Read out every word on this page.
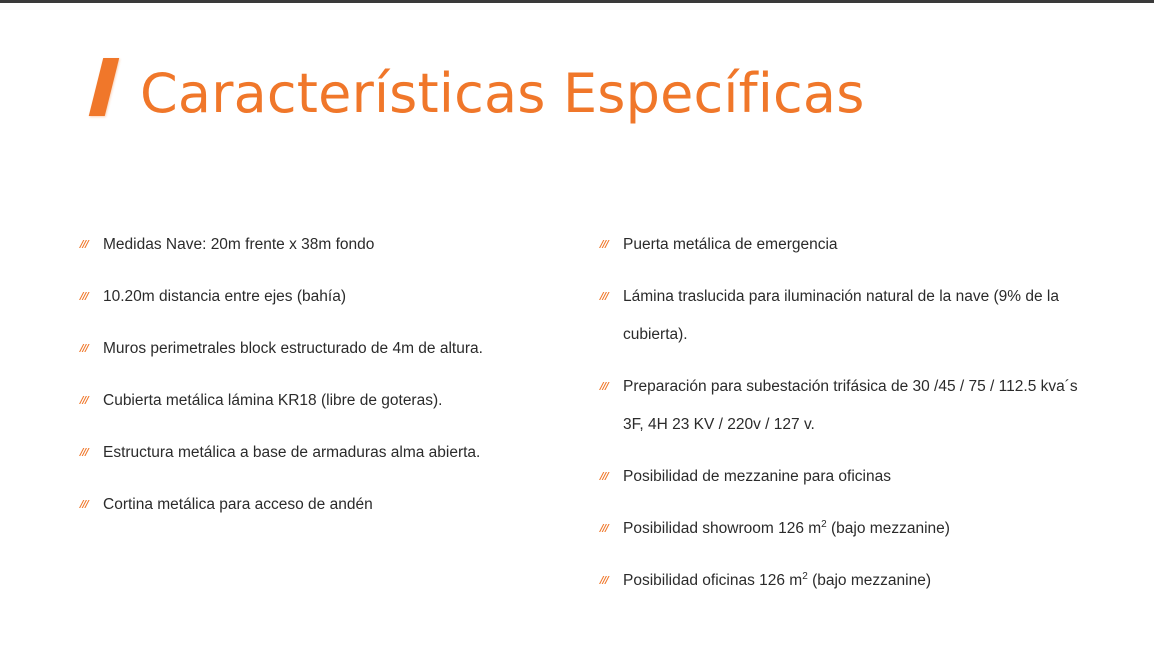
Características Específicas
/// Medidas Nave: 20m frente x 38m fondo
/// 10.20m distancia entre ejes (bahía)
/// Muros perimetrales block estructurado de 4m de altura.
/// Cubierta metálica lámina KR18 (libre de goteras).
/// Estructura metálica a base de armaduras alma abierta.
/// Cortina metálica para acceso de andén
/// Puerta metálica de emergencia
/// Lámina traslucida para iluminación natural de la nave (9% de la cubierta).
/// Preparación para subestación trifásica de 30 /45 / 75 / 112.5 kva´s 3F, 4H 23 KV / 220v / 127 v.
/// Posibilidad de mezzanine para oficinas
/// Posibilidad showroom 126 $m^2$ (bajo mezzanine)
/// Posibilidad oficinas 126 $m^2$ (bajo mezzanine)
